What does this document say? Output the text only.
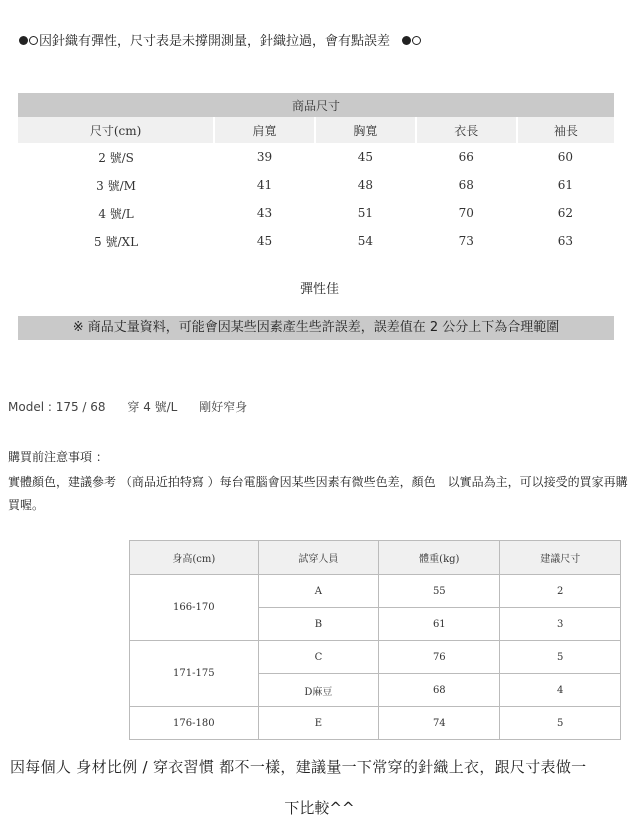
因針織有彈性，尺寸表是未撐開測量，針織拉過，會有點誤差
商品尺寸				
尺寸(cm)	肩寬	胸寬	衣長	袖長
2 號/S	39	45	66	60
3 號/M	41	48	68	61
4 號/L	43	51	70	62
5 號/XL	45	54	73	63
彈性佳
※ 商品丈量資料，可能會因某些因素產生些許誤差，誤差值在 2 公分上下為合理範圍
Model : 175 / 68 穿 4 號/L 剛好窄身
購買前注意事項 ：
實體顏色，建議參考 （商品近拍特寫 ）每台電腦會因某些因素有微些色差，顏色　以實品為主，可以接受的買家再購買喔。
身高(cm)	試穿人員	體重(kg)	建議尺寸
166-170	A	55	2
	B	61	3
171-175	C	76	5
	D麻豆	68	4
176-180	E	74	5
因每個人 身材比例 / 穿衣習慣 都不一樣，建議量一下常穿的針織上衣，跟尺寸表做一
下比較^^
